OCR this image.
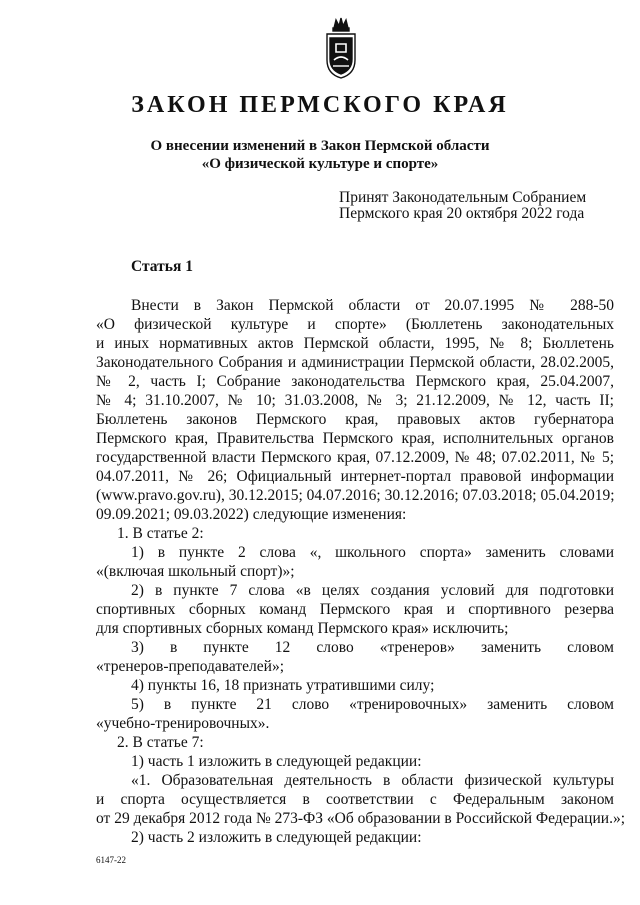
ЗАКОН ПЕРМСКОГО КРАЯ
О внесении изменений в Закон Пермской области
«О физической культуре и спорте»
Принят Законодательным Собранием
Пермского края 20 октября 2022 года
Статья 1
Внести в Закон Пермской области от 20.07.1995 № 288-50
«О физической культуре и спорте» (Бюллетень законодательных
и иных нормативных актов Пермской области, 1995, № 8; Бюллетень
Законодательного Собрания и администрации Пермской области, 28.02.2005,
№ 2, часть I; Собрание законодательства Пермского края, 25.04.2007,
№ 4; 31.10.2007, № 10; 31.03.2008, № 3; 21.12.2009, № 12, часть II;
Бюллетень законов Пермского края, правовых актов губернатора
Пермского края, Правительства Пермского края, исполнительных органов
государственной власти Пермского края, 07.12.2009, № 48; 07.02.2011, № 5;
04.07.2011, № 26; Официальный интернет-портал правовой информации
(www.pravo.gov.ru), 30.12.2015; 04.07.2016; 30.12.2016; 07.03.2018; 05.04.2019;
09.09.2021; 09.03.2022) следующие изменения:
1. В статье 2:
1) в пункте 2 слова «, школьного спорта» заменить словами
«(включая школьный спорт)»;
2) в пункте 7 слова «в целях создания условий для подготовки
спортивных сборных команд Пермского края и спортивного резерва
для спортивных сборных команд Пермского края» исключить;
3) в пункте 12 слово «тренеров» заменить словом
«тренеров-преподавателей»;
4) пункты 16, 18 признать утратившими силу;
5) в пункте 21 слово «тренировочных» заменить словом
«учебно-тренировочных».
2. В статье 7:
1) часть 1 изложить в следующей редакции:
«1. Образовательная деятельность в области физической культуры
и спорта осуществляется в соответствии с Федеральным законом
от 29 декабря 2012 года № 273-ФЗ «Об образовании в Российской Федерации.»;
2) часть 2 изложить в следующей редакции:
6147-22
